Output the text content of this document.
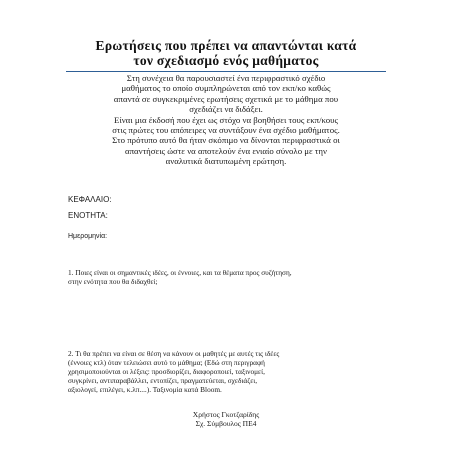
Ερωτήσεις που πρέπει να απαντώνται κατά
τον σχεδιασμό ενός μαθήματος

Στη συνέχεια θα παρουσιαστεί ένα περιφραστικό σχέδιο

μαθήματος το οποίο συμπληρώνεται από τον εκπ/κο καθώς

απαντά σε συγκεκριμένες ερωτήσεις σχετικά με το μάθημα που

σχεδιάζει να διδάξει.

Είναι μια έκδοσή που έχει ως στόχο να βοηθήσει τους εκπ/κους

στις πρώτες του απόπειρες να συντάξουν ένα σχέδιο μαθήματος.

Στο πρότυπο αυτό θα ήταν σκόπιμο να δίνονται περιφραστικά οι

απαντήσεις ώστε να αποτελούν ένα ενιαίο σύνολο με την

αναλυτικά διατυπωμένη ερώτηση.

ΚΕΦΑΛΑΙΟ:
ΕΝΟΤΗΤΑ:
Ημερομηνία:
1. Ποιες είναι οι σημαντικές ιδέες, οι έννοιες, και τα θέματα προς συζήτηση,
στην ενότητα που θα διδαχθεί;
2. Τι θα πρέπει να είναι σε θέση να κάνουν οι μαθητές με αυτές τις ιδέες
(έννοιες κτλ) όταν τελειώσει αυτό το μάθημα; (Εδώ στη περιγραφή
χρησιμοποιούνται οι λέξεις: προσδιορίζει, διαφοροποιεί, ταξινομεί,
συγκρίνει, αντιπαραβάλλει, εντοπίζει, πραγματεύεται, σχεδιάζει,
αξιολογεί, επιλέγει, κ.λπ....). Ταξινομία κατά Bloom.
Χρήστος Γκοτζαρίδης
Σχ. Σύμβουλος ΠΕ4
